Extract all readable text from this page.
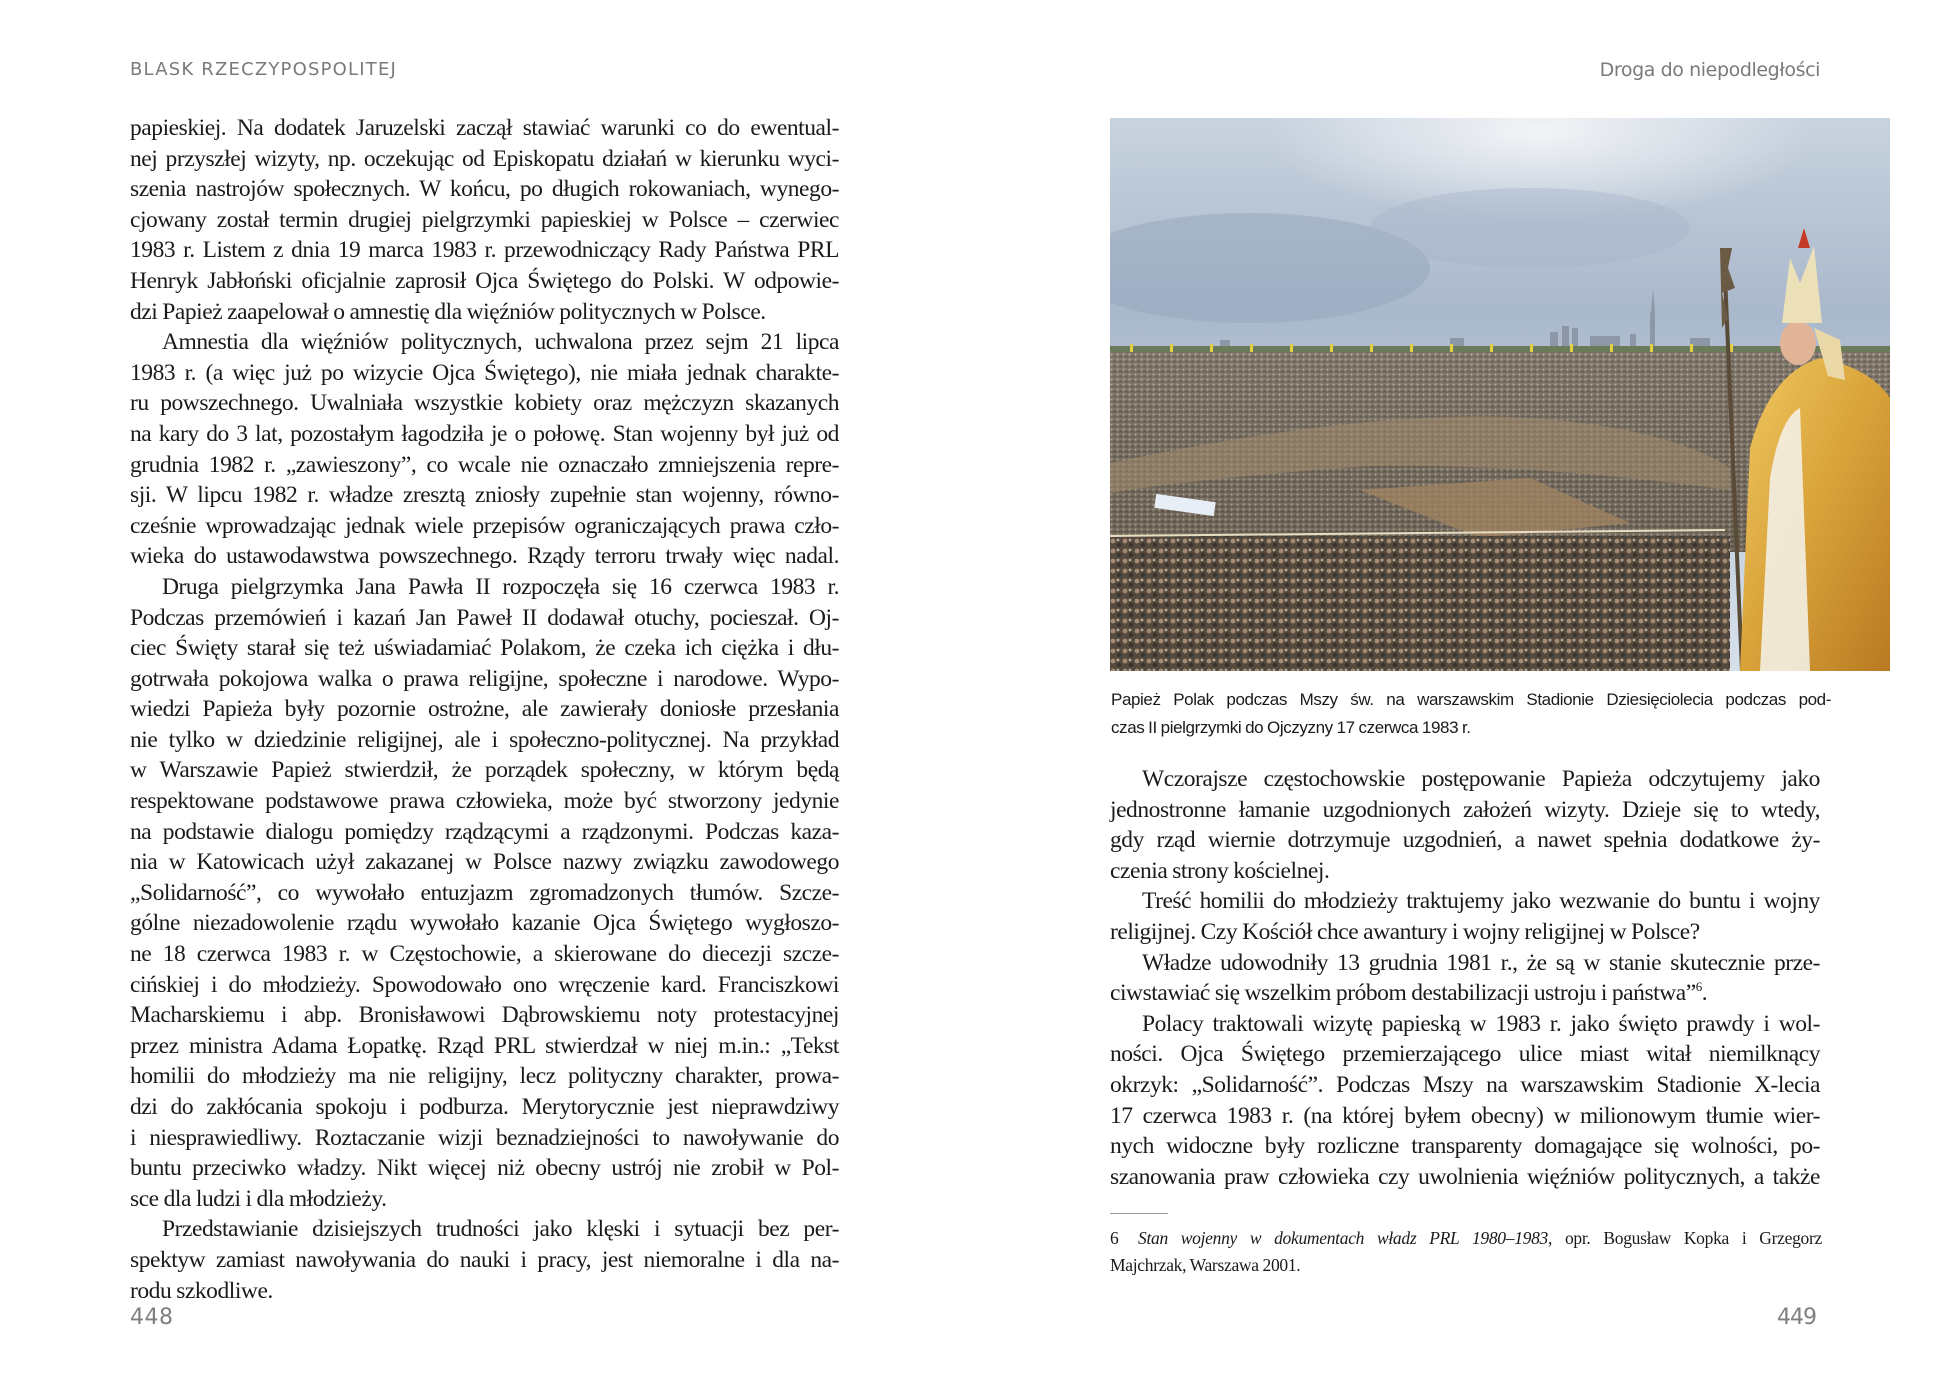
BLASK RZECZYPOSPOLITEJ
papieskiej. Na dodatek Jaruzelski zaczął stawiać warunki co do ewentual-
nej przyszłej wizyty, np. oczekując od Episkopatu działań w kierunku wyci-
szenia nastrojów społecznych. W końcu, po długich rokowaniach, wynego-
cjowany został termin drugiej pielgrzymki papieskiej w Polsce – czerwiec
1983 r. Listem z dnia 19 marca 1983 r. przewodniczący Rady Państwa PRL
Henryk Jabłoński oficjalnie zaprosił Ojca Świętego do Polski. W odpowie-
dzi Papież zaapelował o amnestię dla więźniów politycznych w Polsce.
Amnestia dla więźniów politycznych, uchwalona przez sejm 21 lipca
1983 r. (a więc już po wizycie Ojca Świętego), nie miała jednak charakte-
ru powszechnego. Uwalniała wszystkie kobiety oraz mężczyzn skazanych
na kary do 3 lat, pozostałym łagodziła je o połowę. Stan wojenny był już od
grudnia 1982 r. „zawieszony”, co wcale nie oznaczało zmniejszenia repre-
sji. W lipcu 1982 r. władze zresztą zniosły zupełnie stan wojenny, równo-
cześnie wprowadzając jednak wiele przepisów ograniczających prawa czło-
wieka do ustawodawstwa powszechnego. Rządy terroru trwały więc nadal.
Druga pielgrzymka Jana Pawła II rozpoczęła się 16 czerwca 1983 r.
Podczas przemówień i kazań Jan Paweł II dodawał otuchy, pocieszał. Oj-
ciec Święty starał się też uświadamiać Polakom, że czeka ich ciężka i dłu-
gotrwała pokojowa walka o prawa religijne, społeczne i narodowe. Wypo-
wiedzi Papieża były pozornie ostrożne, ale zawierały doniosłe przesłania
nie tylko w dziedzinie religijnej, ale i społeczno-politycznej. Na przykład
w Warszawie Papież stwierdził, że porządek społeczny, w którym będą
respektowane podstawowe prawa człowieka, może być stworzony jedynie
na podstawie dialogu pomiędzy rządzącymi a rządzonymi. Podczas kaza-
nia w Katowicach użył zakazanej w Polsce nazwy związku zawodowego
„Solidarność”, co wywołało entuzjazm zgromadzonych tłumów. Szcze-
gólne niezadowolenie rządu wywołało kazanie Ojca Świętego wygłoszo-
ne 18 czerwca 1983 r. w Częstochowie, a skierowane do diecezji szcze-
cińskiej i do młodzieży. Spowodowało ono wręczenie kard. Franciszkowi
Macharskiemu i abp. Bronisławowi Dąbrowskiemu noty protestacyjnej
przez ministra Adama Łopatkę. Rząd PRL stwierdzał w niej m.in.: „Tekst
homilii do młodzieży ma nie religijny, lecz polityczny charakter, prowa-
dzi do zakłócania spokoju i podburza. Merytorycznie jest nieprawdziwy
i niesprawiedliwy. Roztaczanie wizji beznadziejności to nawoływanie do
buntu przeciwko władzy. Nikt więcej niż obecny ustrój nie zrobił w Pol-
sce dla ludzi i dla młodzieży.
Przedstawianie dzisiejszych trudności jako klęski i sytuacji bez per-
spektyw zamiast nawoływania do nauki i pracy, jest niemoralne i dla na-
rodu szkodliwe.
448
Droga do niepodległości
Papież Polak podczas Mszy św. na warszawskim Stadionie Dziesięciolecia podczas pod-
czas II pielgrzymki do Ojczyzny 17 czerwca 1983 r.
Wczorajsze częstochowskie postępowanie Papieża odczytujemy jako
jednostronne łamanie uzgodnionych założeń wizyty. Dzieje się to wtedy,
gdy rząd wiernie dotrzymuje uzgodnień, a nawet spełnia dodatkowe ży-
czenia strony kościelnej.
Treść homilii do młodzieży traktujemy jako wezwanie do buntu i wojny
religijnej. Czy Kościół chce awantury i wojny religijnej w Polsce?
Władze udowodniły 13 grudnia 1981 r., że są w stanie skutecznie prze-
ciwstawiać się wszelkim próbom destabilizacji ustroju i państwa”$^6$.
Polacy traktowali wizytę papieską w 1983 r. jako święto prawdy i wol-
ności. Ojca Świętego przemierzającego ulice miast witał niemilknący
okrzyk: „Solidarność”. Podczas Mszy na warszawskim Stadionie X-lecia
17 czerwca 1983 r. (na której byłem obecny) w milionowym tłumie wier-
nych widoczne były rozliczne transparenty domagające się wolności, po-
szanowania praw człowieka czy uwolnienia więźniów politycznych, a także
6 Stan wojenny w dokumentach władz PRL 1980–1983, opr. Bogusław Kopka i Grzegorz
Majchrzak, Warszawa 2001.
449
